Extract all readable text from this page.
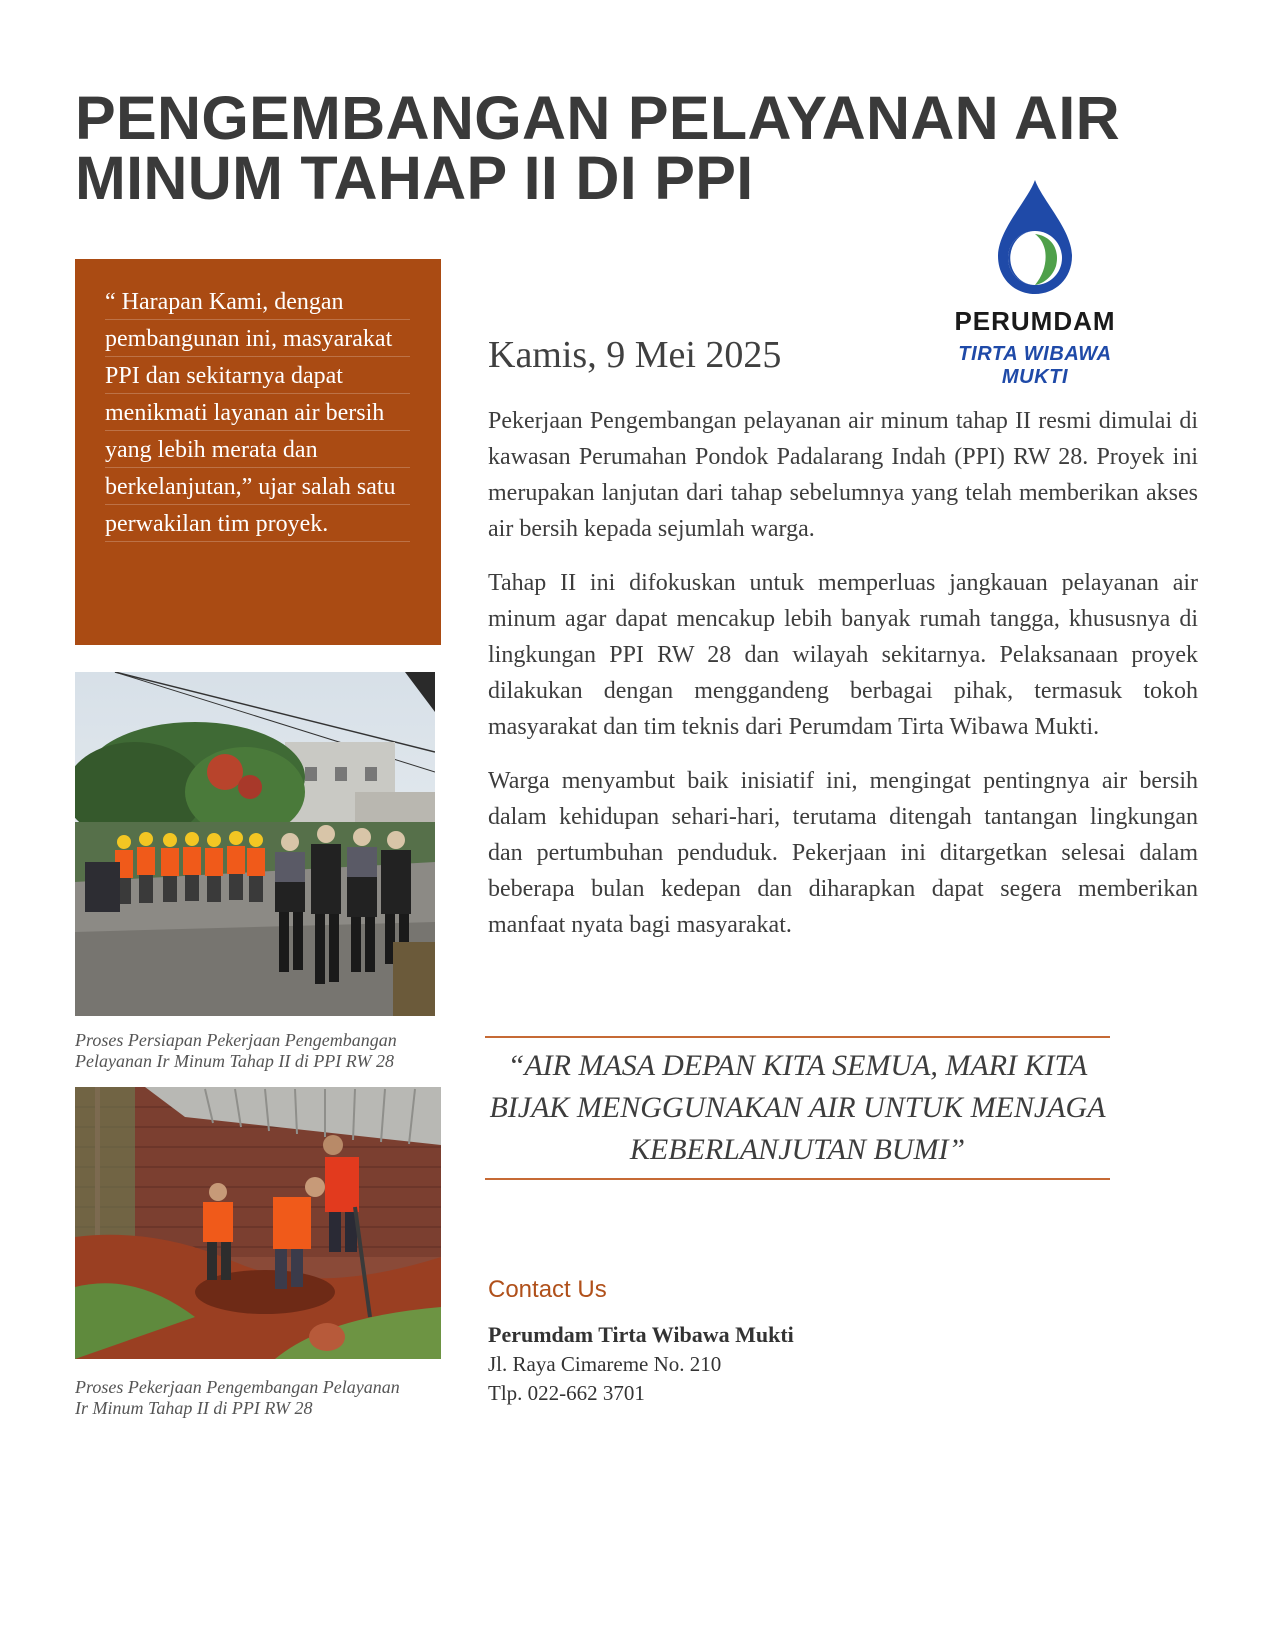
PENGEMBANGAN PELAYANAN AIR MINUM TAHAP II DI PPI
PERUMDAM
TIRTA WIBAWA MUKTI
“ Harapan Kami, dengan pembangunan ini, masyarakat PPI dan sekitarnya dapat menikmati layanan air bersih yang lebih merata dan berkelanjutan,” ujar salah satu perwakilan tim proyek.
Proses Persiapan Pekerjaan Pengembangan Pelayanan Ir Minum Tahap II di PPI RW 28
Proses Pekerjaan Pengembangan Pelayanan Ir Minum Tahap II di PPI RW 28
Kamis, 9 Mei 2025

Pekerjaan Pengembangan pelayanan air minum tahap II resmi dimulai di kawasan Perumahan Pondok Padalarang Indah (PPI) RW 28. Proyek ini merupakan lanjutan dari tahap sebelumnya yang telah memberikan akses air bersih kepada sejumlah warga.

Tahap II ini difokuskan untuk memperluas jangkauan pelayanan air minum agar dapat mencakup lebih banyak rumah tangga, khususnya di lingkungan PPI RW 28 dan wilayah sekitarnya. Pelaksanaan proyek dilakukan dengan menggandeng berbagai pihak, termasuk tokoh masyarakat dan tim teknis dari Perumdam Tirta Wibawa Mukti.

Warga menyambut baik inisiatif ini, mengingat pentingnya air bersih dalam kehidupan sehari-hari, terutama ditengah tantangan lingkungan dan pertumbuhan penduduk. Pekerjaan ini ditargetkan selesai dalam beberapa bulan kedepan dan diharapkan dapat segera memberikan manfaat nyata bagi masyarakat.

“AIR MASA DEPAN KITA SEMUA, MARI KITA BIJAK MENGGUNAKAN AIR UNTUK MENJAGA KEBERLANJUTAN BUMI”
Contact Us
Perumdam Tirta Wibawa Mukti
Jl. Raya Cimareme No. 210
Tlp. 022-662 3701
